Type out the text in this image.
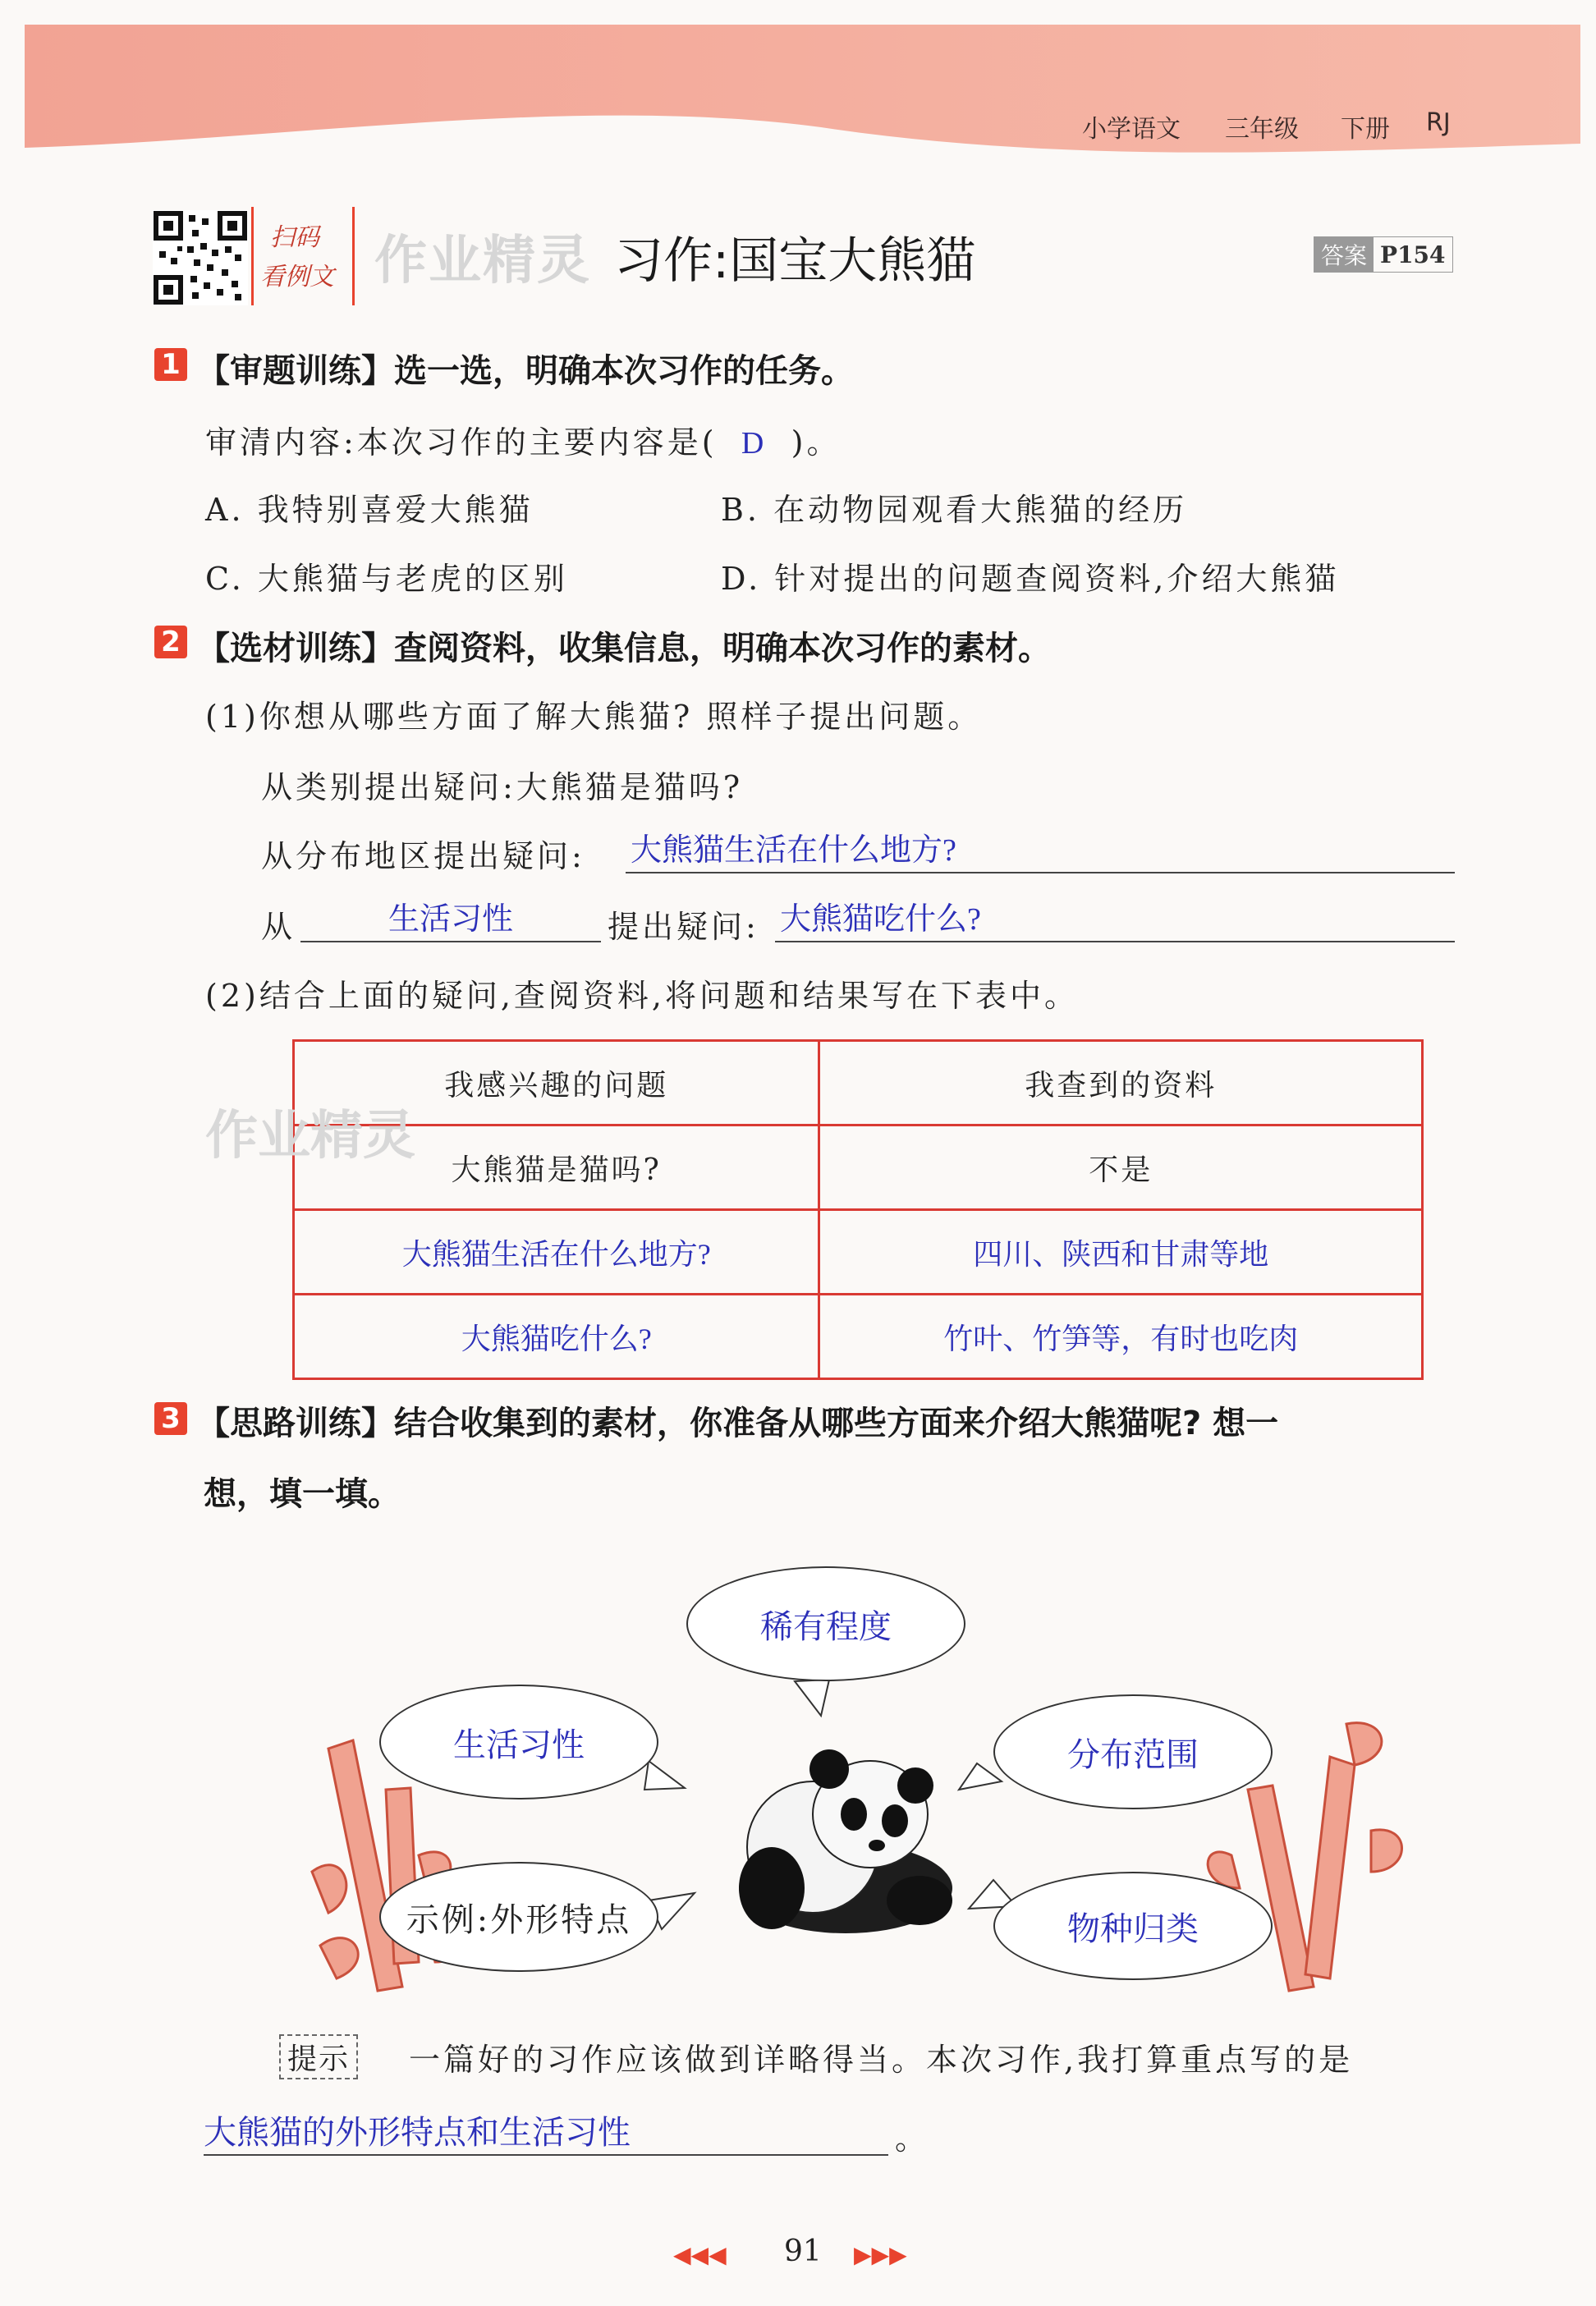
小学语文 三年级 下册 RJ
扫码
看例文 作业精灵 习作:国宝大熊猫	答案 P154
1 【审题训练】选一选，明确本次习作的任务。
审清内容:本次习作的主要内容是( D )。
A. 我特别喜爱大熊猫	B. 在动物园观看大熊猫的经历
C. 大熊猫与老虎的区别	D. 针对提出的问题查阅资料,介绍大熊猫
2 【选材训练】查阅资料，收集信息，明确本次习作的素材。
(1)你想从哪些方面了解大熊猫? 照样子提出问题。
从类别提出疑问:大熊猫是猫吗?
从分布地区提出疑问: 大熊猫生活在什么地方?
从	生活习性	提出疑问: 大熊猫吃什么?
(2)结合上面的疑问,查阅资料,将问题和结果写在下表中。
作业精灵
我感兴趣的问题	我查到的资料
大熊猫是猫吗?	不是
大熊猫生活在什么地方?	四川、陕西和甘肃等地
大熊猫吃什么?	竹叶、竹笋等，有时也吃肉
3 【思路训练】结合收集到的素材，你准备从哪些方面来介绍大熊猫呢? 想一
想，填一填。
稀有程度
生活习性	分布范围
示例:外形特点	物种归类
提示 一篇好的习作应该做到详略得当。本次习作,我打算重点写的是
大熊猫的外形特点和生活习性	。
◀◀◀ 91 ▶▶▶
